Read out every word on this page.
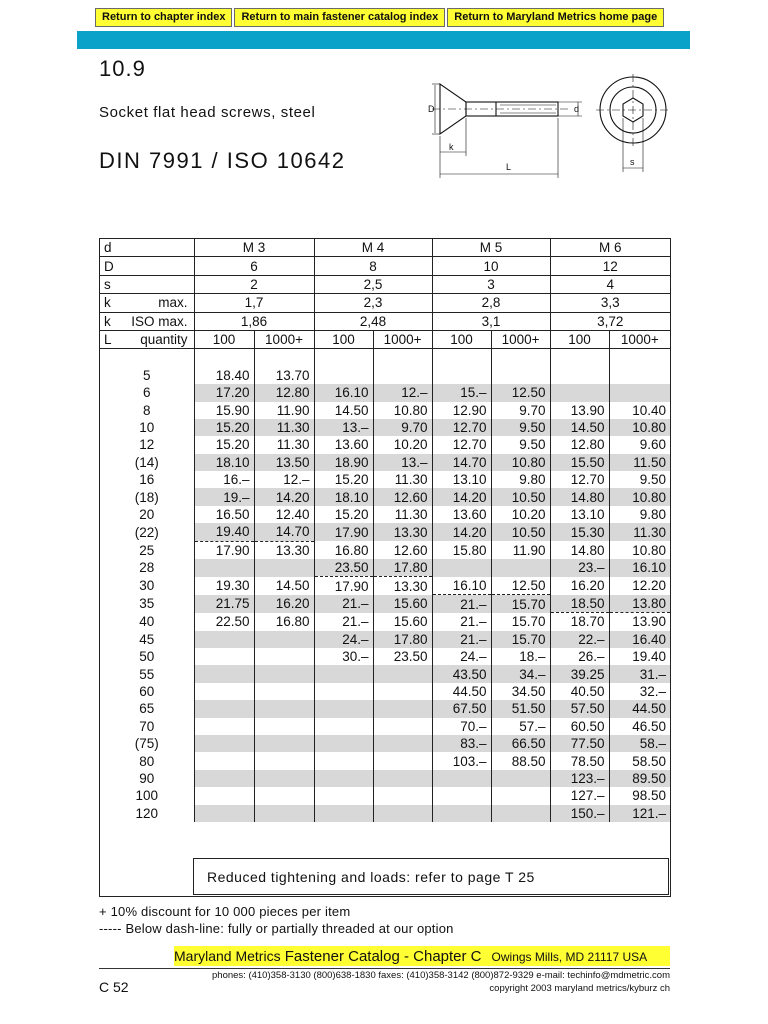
Return to chapter index	Return to main fastener catalog index	Return to Maryland Metrics home page
10.9
Socket flat head screws, steel
DIN 7991 / ISO 10642
D	d
k
L	s
d	M 3		M 4		M 5		M 6	
D	6		8		10		12	
s	2		2,5		3		4	

k max.	1,7		2,3		2,8		3,3	

k ISO max.	1,86		2,48		3,1		3,72	

L quantity	100	1000+	100	1000+	100	1000+	100	1000+

5	18.40	13.70						
6	17.20	12.80	16.10	12.–	15.–	12.50		
8	15.90	11.90	14.50	10.80	12.90	9.70	13.90	10.40
10	15.20	11.30	13.–	9.70	12.70	9.50	14.50	10.80
12	15.20	11.30	13.60	10.20	12.70	9.50	12.80	9.60
(14)	18.10	13.50	18.90	13.–	14.70	10.80	15.50	11.50
16	16.–	12.–	15.20	11.30	13.10	9.80	12.70	9.50
(18)	19.–	14.20	18.10	12.60	14.20	10.50	14.80	10.80
20	16.50	12.40	15.20	11.30	13.60	10.20	13.10	9.80
(22)	19.40	14.70	17.90	13.30	14.20	10.50	15.30	11.30
25	17.90	13.30	16.80	12.60	15.80	11.90	14.80	10.80
28			23.50	17.80			23.–	16.10
30	19.30	14.50	17.90	13.30	16.10	12.50	16.20	12.20
35	21.75	16.20	21.–	15.60	21.–	15.70	18.50	13.80
40	22.50	16.80	21.–	15.60	21.–	15.70	18.70	13.90
45			24.–	17.80	21.–	15.70	22.–	16.40
50			30.–	23.50	24.–	18.–	26.–	19.40
55					43.50	34.–	39.25	31.–
60					44.50	34.50	40.50	32.–
65					67.50	51.50	57.50	44.50
70					70.–	57.–	60.50	46.50
(75)					83.–	66.50	77.50	58.–
80					103.–	88.50	78.50	58.50
90							123.–	89.50
100							127.–	98.50
120							150.–	121.–
Reduced tightening and loads: refer to page T 25
+ 10% discount for 10 000 pieces per item
----- Below dash-line: fully or partially threaded at our option
Maryland Metrics Fastener Catalog - Chapter C Owings Mills, MD 21117 USA
phones: (410)358-3130 (800)638-1830 faxes: (410)358-3142 (800)872-9329 e-mail: techinfo@mdmetric.com
copyright 2003 maryland metrics/kyburz ch
C 52
